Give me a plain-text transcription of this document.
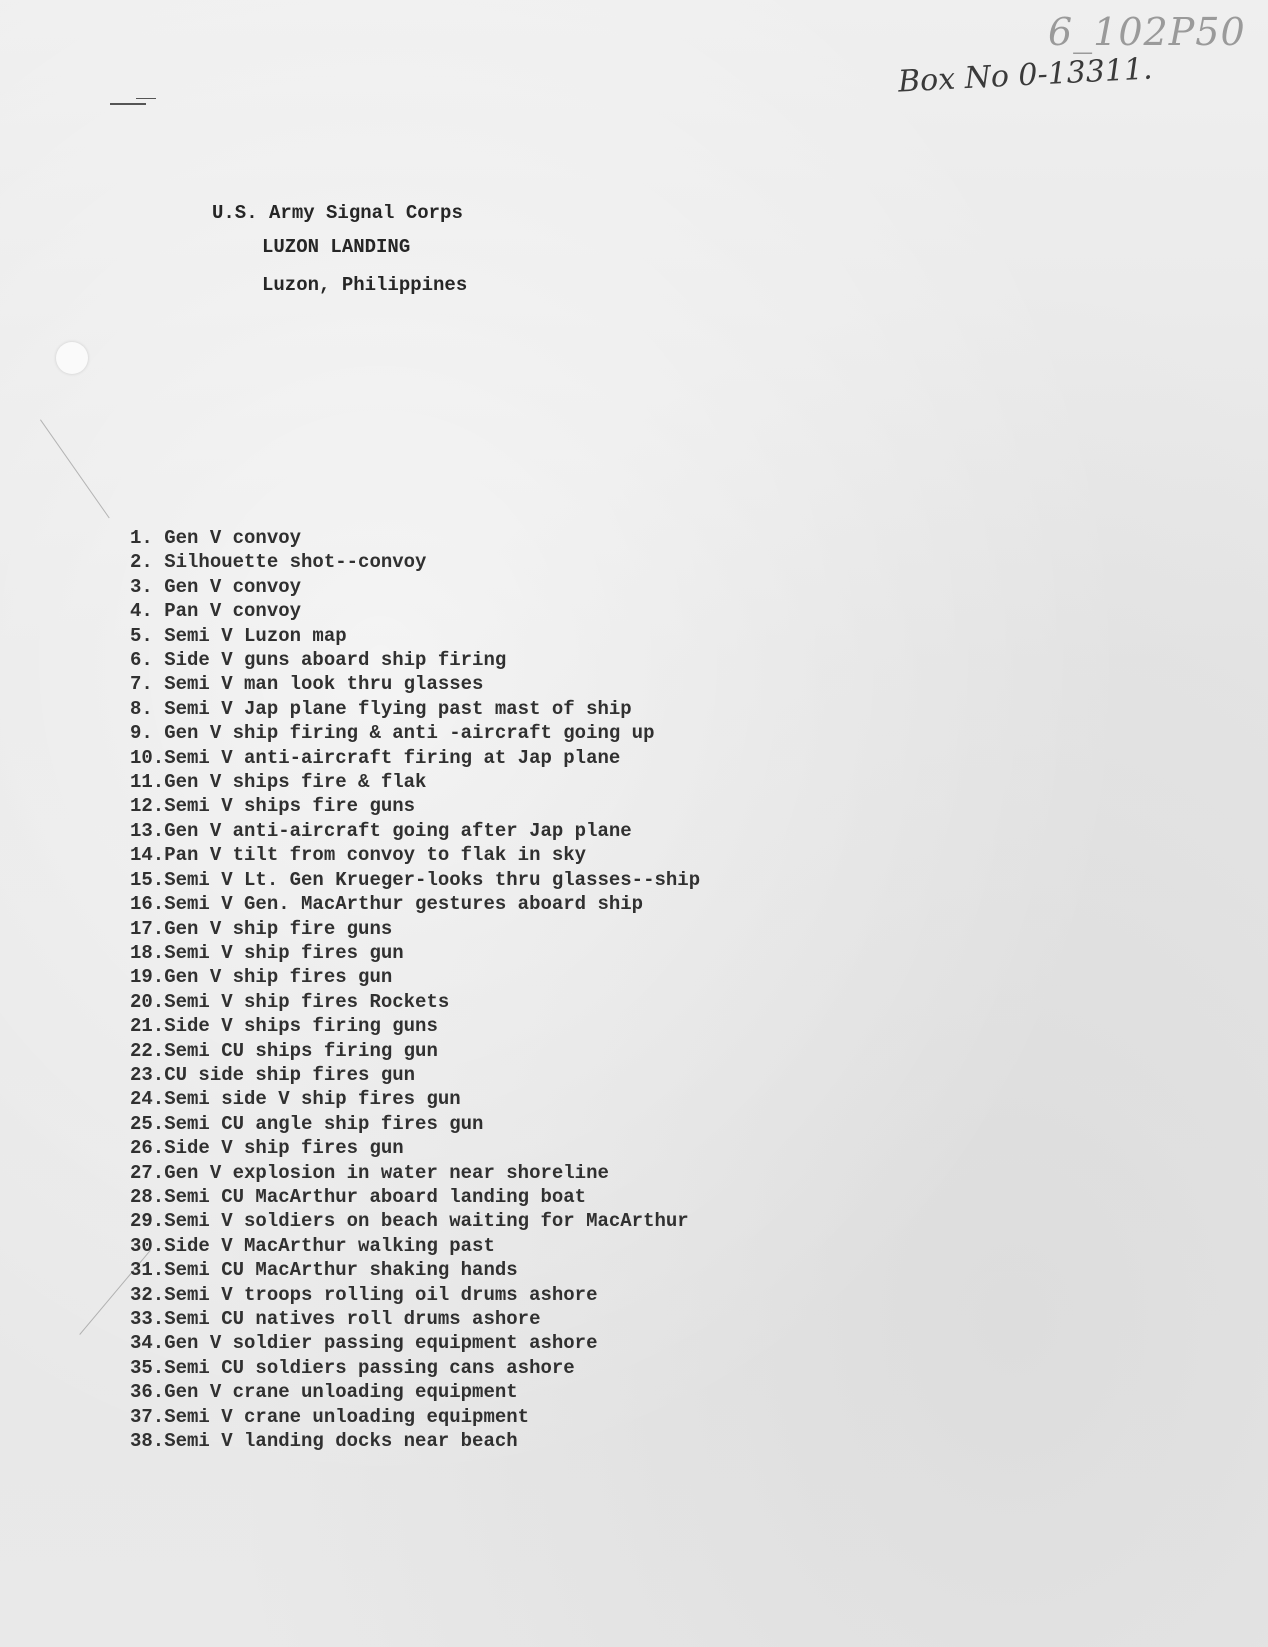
6_102P50
Box No 0-13311.
U.S. Army Signal Corps
LUZON LANDING
Luzon, Philippines
1. Gen V convoy
2. Silhouette shot--convoy
3. Gen V convoy
4. Pan V convoy
5. Semi V Luzon map
6. Side V guns aboard ship firing
7. Semi V man look thru glasses
8. Semi V Jap plane flying past mast of ship
9. Gen V ship firing & anti -aircraft going up
10.Semi V anti-aircraft firing at Jap plane
11.Gen V ships fire & flak
12.Semi V ships fire guns
13.Gen V anti-aircraft going after Jap plane
14.Pan V tilt from convoy to flak in sky
15.Semi V Lt. Gen Krueger-looks thru glasses--ship
16.Semi V Gen. MacArthur gestures aboard ship
17.Gen V ship fire guns
18.Semi V ship fires gun
19.Gen V ship fires gun
20.Semi V ship fires Rockets
21.Side V ships firing guns
22.Semi CU ships firing gun
23.CU side ship fires gun
24.Semi side V ship fires gun
25.Semi CU angle ship fires gun
26.Side V ship fires gun
27.Gen V explosion in water near shoreline
28.Semi CU MacArthur aboard landing boat
29.Semi V soldiers on beach waiting for MacArthur
30.Side V MacArthur walking past
31.Semi CU MacArthur shaking hands
32.Semi V troops rolling oil drums ashore
33.Semi CU natives roll drums ashore
34.Gen V soldier passing equipment ashore
35.Semi CU soldiers passing cans ashore
36.Gen V crane unloading equipment
37.Semi V crane unloading equipment
38.Semi V landing docks near beach
